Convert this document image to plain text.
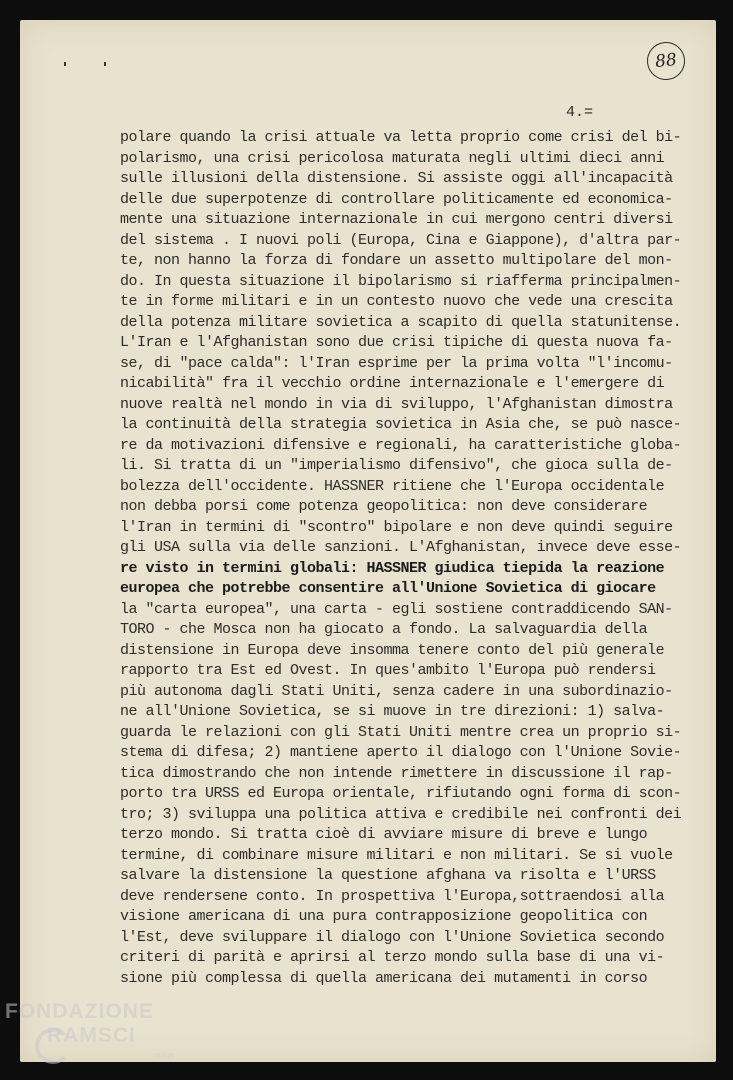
88
4.=
polare quando la crisi attuale va letta proprio come crisi del bi-
polarismo, una crisi pericolosa maturata negli ultimi dieci anni
sulle illusioni della distensione. Si assiste oggi all'incapacità
delle due superpotenze di controllare politicamente ed economica-
mente una situazione internazionale in cui mergono centri diversi
del sistema . I nuovi poli (Europa, Cina e Giappone), d'altra par-
te, non hanno la forza di fondare un assetto multipolare del mon-
do. In questa situazione il bipolarismo si riafferma principalmen-
te in forme militari e in un contesto nuovo che vede una crescita
della potenza militare sovietica a scapito di quella statunitense.
L'Iran e l'Afghanistan sono due crisi tipiche di questa nuova fa-
se, di "pace calda": l'Iran esprime per la prima volta "l'incomu-
nicabilità" fra il vecchio ordine internazionale e l'emergere di
nuove realtà nel mondo in via di sviluppo, l'Afghanistan dimostra
la continuità della strategia sovietica in Asia che, se può nasce-
re da motivazioni difensive e regionali, ha caratteristiche globa-
li. Si tratta di un "imperialismo difensivo", che gioca sulla de-
bolezza dell'occidente. HASSNER ritiene che l'Europa occidentale
non debba porsi come potenza geopolitica: non deve considerare
l'Iran in termini di "scontro" bipolare e non deve quindi seguire
gli USA sulla via delle sanzioni. L'Afghanistan, invece deve esse-
re visto in termini globali: HASSNER giudica tiepida la reazione
europea che potrebbe consentire all'Unione Sovietica di giocare
la "carta europea", una carta - egli sostiene contraddicendo SAN-
TORO - che Mosca non ha giocato a fondo. La salvaguardia della
distensione in Europa deve insomma tenere conto del più generale
rapporto tra Est ed Ovest. In ques'ambito l'Europa può rendersi
più autonoma dagli Stati Uniti, senza cadere in una subordinazio-
ne all'Unione Sovietica, se si muove in tre direzioni: 1) salva-
guarda le relazioni con gli Stati Uniti mentre crea un proprio si-
stema di difesa; 2) mantiene aperto il dialogo con l'Unione Sovie-
tica dimostrando che non intende rimettere in discussione il rap-
porto tra URSS ed Europa orientale, rifiutando ogni forma di scon-
tro; 3) sviluppa una politica attiva e credibile nei confronti dei
terzo mondo. Si tratta cioè di avviare misure di breve e lungo
termine, di combinare misure militari e non militari. Se si vuole
salvare la distensione la questione afghana va risolta e l'URSS
deve rendersene conto. In prospettiva l'Europa,sottraendosi alla
visione americana di una pura contrapposizione geopolitica con
l'Est, deve sviluppare il dialogo con l'Unione Sovietica secondo
criteri di parità e aprirsi al terzo mondo sulla base di una vi-
sione più complessa di quella americana dei mutamenti in corso
FONDAZIONE
RAMSCI
onlus
